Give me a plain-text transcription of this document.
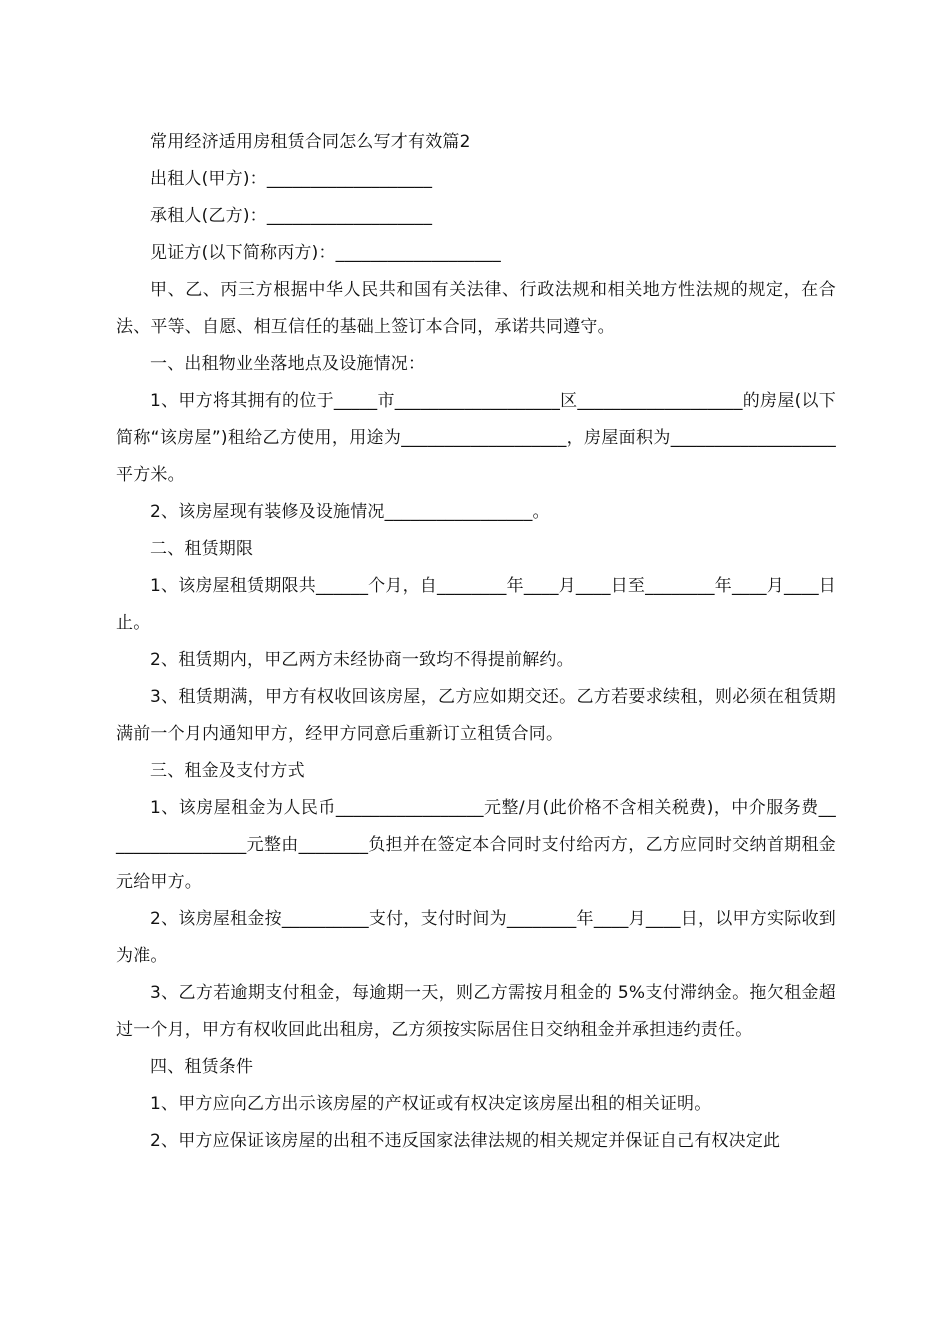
常用经济适用房租赁合同怎么写才有效篇2

出租人(甲方)：___________________

承租人(乙方)：___________________

见证方(以下简称丙方)：___________________

甲、乙、丙三方根据中华人民共和国有关法律、行政法规和相关地方性法规的规定，在合法、平等、自愿、相互信任的基础上签订本合同，承诺共同遵守。

一、出租物业坐落地点及设施情况：

1、甲方将其拥有的位于_____市___________________区___________________的房屋(以下简称“该房屋”)租给乙方使用，用途为___________________，房屋面积为___________________平方米。

2、该房屋现有装修及设施情况_________________。

二、租赁期限

1、该房屋租赁期限共______个月，自________年____月____日至________年____月____日止。

2、租赁期内，甲乙两方未经协商一致均不得提前解约。

3、租赁期满，甲方有权收回该房屋，乙方应如期交还。乙方若要求续租，则必须在租赁期满前一个月内通知甲方，经甲方同意后重新订立租赁合同。

三、租金及支付方式

1、该房屋租金为人民币_________________元整/月(此价格不含相关税费)，中介服务费_________________元整由________负担并在签定本合同时支付给丙方，乙方应同时交纳首期租金元给甲方。

2、该房屋租金按__________支付，支付时间为________年____月____日，以甲方实际收到为准。

3、乙方若逾期支付租金，每逾期一天，则乙方需按月租金的 5%支付滞纳金。拖欠租金超过一个月，甲方有权收回此出租房，乙方须按实际居住日交纳租金并承担违约责任。

四、租赁条件

1、甲方应向乙方出示该房屋的产权证或有权决定该房屋出租的相关证明。

2、甲方应保证该房屋的出租不违反国家法律法规的相关规定并保证自己有权决定此
